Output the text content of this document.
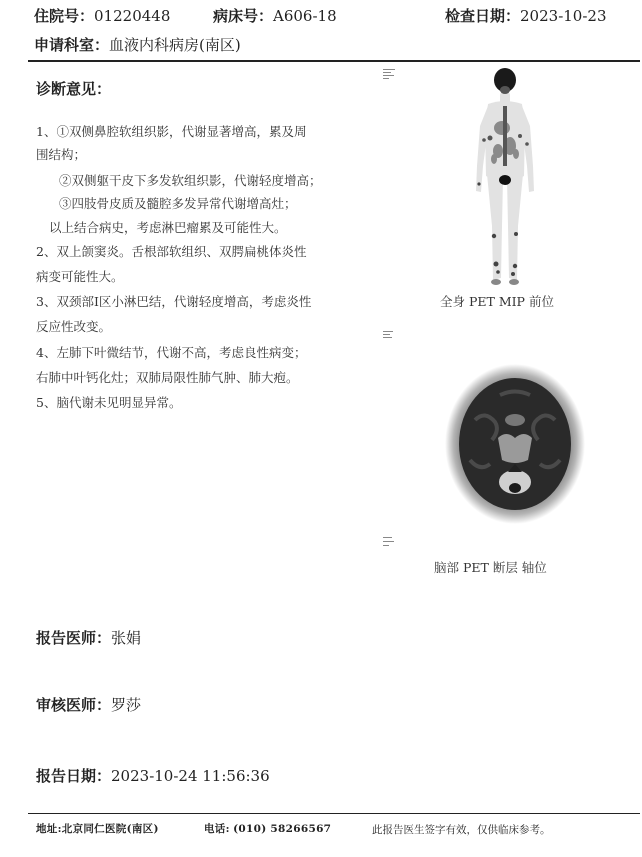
住院号：01220448	病床号：A606-18	检查日期：2023-10-23
申请科室：血液内科病房(南区)
诊断意见：
1、①双侧鼻腔软组织影，代谢显著增高，累及周
围结构；
②双侧躯干皮下多发软组织影，代谢轻度增高；
③四肢骨皮质及髓腔多发异常代谢增高灶；
以上结合病史，考虑淋巴瘤累及可能性大。
2、双上颌窦炎。舌根部软组织、双腭扁桃体炎性
病变可能性大。
3、双颈部I区小淋巴结，代谢轻度增高，考虑炎性
反应性改变。
4、左肺下叶微结节，代谢不高，考虑良性病变；
右肺中叶钙化灶；双肺局限性肺气肿、肺大疱。
5、脑代谢未见明显异常。
全身 PET MIP 前位
脑部 PET 断层 轴位
报告医师：张娟
审核医师：罗莎
报告日期：2023-10-24 11:56:36
地址:北京同仁医院(南区)	电话: (010) 58266567	此报告医生签字有效，仅供临床参考。
